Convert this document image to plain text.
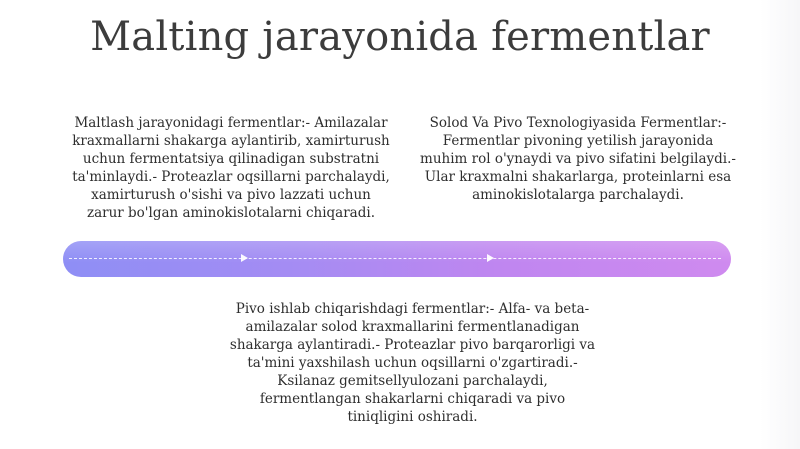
Malting jarayonida fermentlar
Maltlash jarayonidagi fermentlar:- Amilazalar kraxmallarni shakarga aylantirib, xamirturush uchun fermentatsiya qilinadigan substratni ta'minlaydi.- Proteazlar oqsillarni parchalaydi, xamirturush o'sishi va pivo lazzati uchun zarur bo'lgan aminokislotalarni chiqaradi.
Solod Va Pivo Texnologiyasida Fermentlar:- Fermentlar pivoning yetilish jarayonida muhim rol o'ynaydi va pivo sifatini belgilaydi.- Ular kraxmalni shakarlarga, proteinlarni esa aminokislotalarga parchalaydi.
Pivo ishlab chiqarishdagi fermentlar:- Alfa- va beta-amilazalar solod kraxmallarini fermentlanadigan shakarga aylantiradi.- Proteazlar pivo barqarorligi va ta'mini yaxshilash uchun oqsillarni o'zgartiradi.- Ksilanaz gemitsellyulozani parchalaydi, fermentlangan shakarlarni chiqaradi va pivo tiniqligini oshiradi.
